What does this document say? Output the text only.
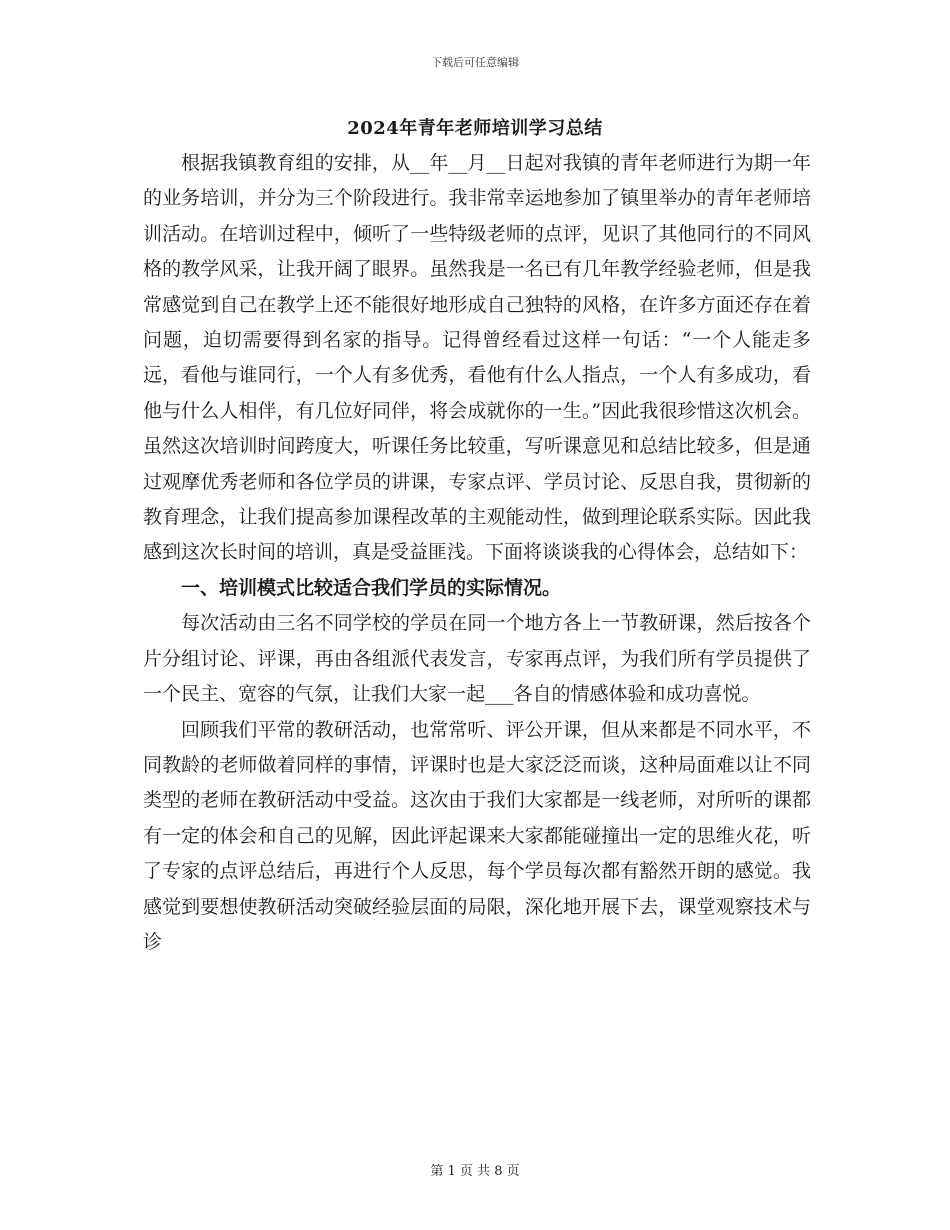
下载后可任意编辑
2024年青年老师培训学习总结

根据我镇教育组的安排，从__年__月__日起对我镇的青年老师进行为期一年的业务培训，并分为三个阶段进行。我非常幸运地参加了镇里举办的青年老师培训活动。在培训过程中，倾听了一些特级老师的点评，见识了其他同行的不同风格的教学风采，让我开阔了眼界。虽然我是一名已有几年教学经验老师，但是我常感觉到自己在教学上还不能很好地形成自己独特的风格，在许多方面还存在着问题，迫切需要得到名家的指导。记得曾经看过这样一句话：“一个人能走多远，看他与谁同行，一个人有多优秀，看他有什么人指点，一个人有多成功，看他与什么人相伴，有几位好同伴，将会成就你的一生。”因此我很珍惜这次机会。虽然这次培训时间跨度大，听课任务比较重，写听课意见和总结比较多，但是通过观摩优秀老师和各位学员的讲课，专家点评、学员讨论、反思自我，贯彻新的教育理念，让我们提高参加课程改革的主观能动性，做到理论联系实际。因此我感到这次长时间的培训，真是受益匪浅。下面将谈谈我的心得体会，总结如下：

一、培训模式比较适合我们学员的实际情况。

每次活动由三名不同学校的学员在同一个地方各上一节教研课，然后按各个片分组讨论、评课，再由各组派代表发言，专家再点评，为我们所有学员提供了一个民主、宽容的气氛，让我们大家一起___各自的情感体验和成功喜悦。

回顾我们平常的教研活动，也常常听、评公开课，但从来都是不同水平，不同教龄的老师做着同样的事情，评课时也是大家泛泛而谈，这种局面难以让不同类型的老师在教研活动中受益。这次由于我们大家都是一线老师，对所听的课都有一定的体会和自己的见解，因此评起课来大家都能碰撞出一定的思维火花，听了专家的点评总结后，再进行个人反思，每个学员每次都有豁然开朗的感觉。我感觉到要想使教研活动突破经验层面的局限，深化地开展下去，课堂观察技术与诊

第 1 页 共 8 页
